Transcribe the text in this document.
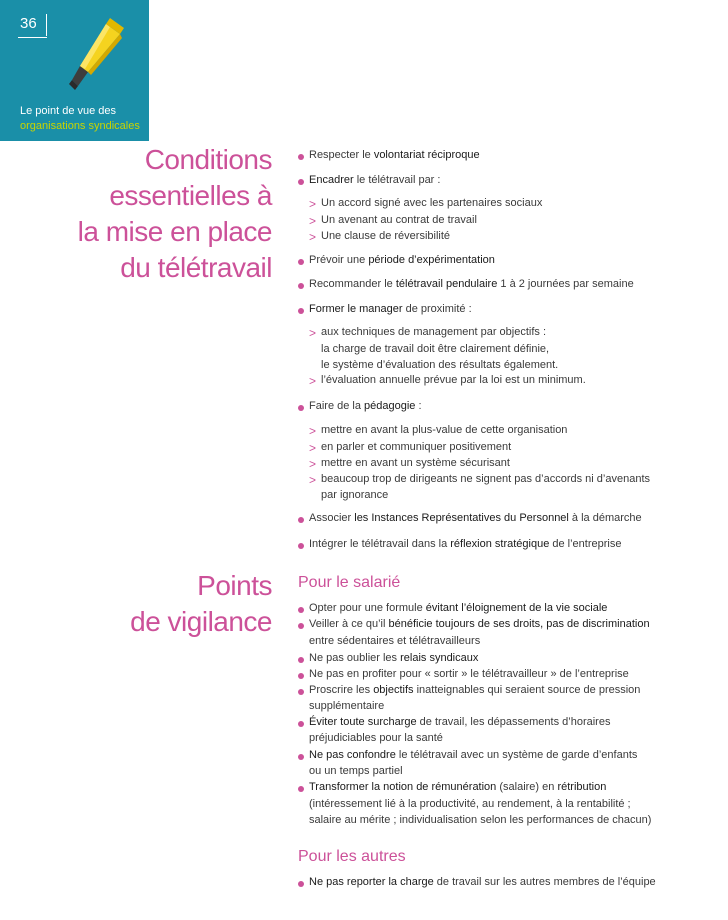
36
Le point de vue des
organisations syndicales
Conditions
essentielles à
la mise en place
du télétravail
Respecter le volontariat réciproque
Encadrer le télétravail par :
> Un accord signé avec les partenaires sociaux
> Un avenant au contrat de travail
> Une clause de réversibilité
Prévoir une période d’expérimentation
Recommander le télétravail pendulaire 1 à 2 journées par semaine
Former le manager de proximité :
> aux techniques de management par objectifs :
la charge de travail doit être clairement définie,
le système d’évaluation des résultats également.
> l’évaluation annuelle prévue par la loi est un minimum.
Faire de la pédagogie :
> mettre en avant la plus-value de cette organisation
> en parler et communiquer positivement
> mettre en avant un système sécurisant
> beaucoup trop de dirigeants ne signent pas d’accords ni d’avenants
par ignorance
Associer les Instances Représentatives du Personnel à la démarche
Intégrer le télétravail dans la réflexion stratégique de l’entreprise
Points
de vigilance
Pour le salarié
Opter pour une formule évitant l’éloignement de la vie sociale
Veiller à ce qu’il bénéficie toujours de ses droits, pas de discrimination
entre sédentaires et télétravailleurs
Ne pas oublier les relais syndicaux
Ne pas en profiter pour « sortir » le télétravailleur » de l’entreprise
Proscrire les objectifs inatteignables qui seraient source de pression
supplémentaire
Éviter toute surcharge de travail, les dépassements d’horaires
préjudiciables pour la santé
Ne pas confondre le télétravail avec un système de garde d’enfants
ou un temps partiel
Transformer la notion de rémunération (salaire) en rétribution
(intéressement lié à la productivité, au rendement, à la rentabilité ;
salaire au mérite ; individualisation selon les performances de chacun)
Pour les autres
Ne pas reporter la charge de travail sur les autres membres de l’équipe
